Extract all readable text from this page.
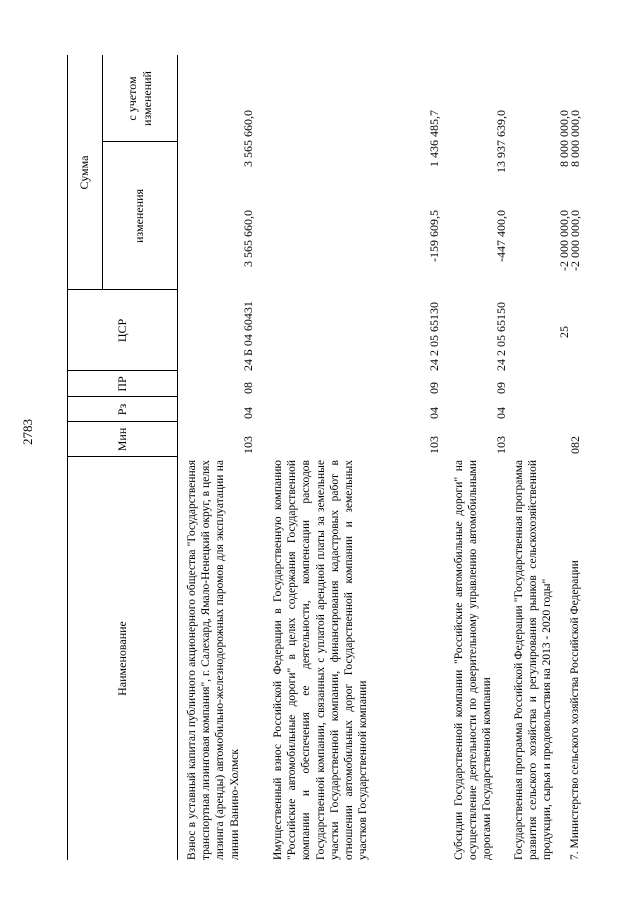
2783
Наименование
Мин
Рз
ПР
ЦСР
Сумма
изменения
с учетом изменений
Взнос в уставный капитал публичного акционерного общества "Государственная транспортная лизинговая компания", г. Салехард, Ямало-Ненецкий округ, в целях лизинга (аренды) автомобильно-железнодорожных паромов для эксплуатации на линии Ванино-Холмск
103
04
08
24 Б 04 60431
3 565 660,0
3 565 660,0
Имущественный взнос Российской Федерации в Государственную компанию "Российские автомобильные дороги" в целях содержания Государственной компании и обеспечения ее деятельности, компенсации расходов Государственной компании, связанных с уплатой арендной платы за земельные участки Государственной компании, финансирования кадастровых работ в отношении автомобильных дорог Государственной компании и земельных участков Государственной компании
103
04
09
24 2 05 65130
-159 609,5
1 436 485,7
Субсидии Государственной компании "Российские автомобильные дороги" на осуществление деятельности по доверительному управлению автомобильными дорогами Государственной компании
103
04
09
24 2 05 65150
-447 400,0
13 937 639,0
Государственная программа Российской Федерации "Государственная программа развития сельского хозяйства и регулирования рынков сельскохозяйственной продукции, сырья и продовольствия на 2013 - 2020 годы"
25
-2 000 000,0
8 000 000,0
7. Министерство сельского хозяйства Российской Федерации
082
-2 000 000,0
8 000 000,0
